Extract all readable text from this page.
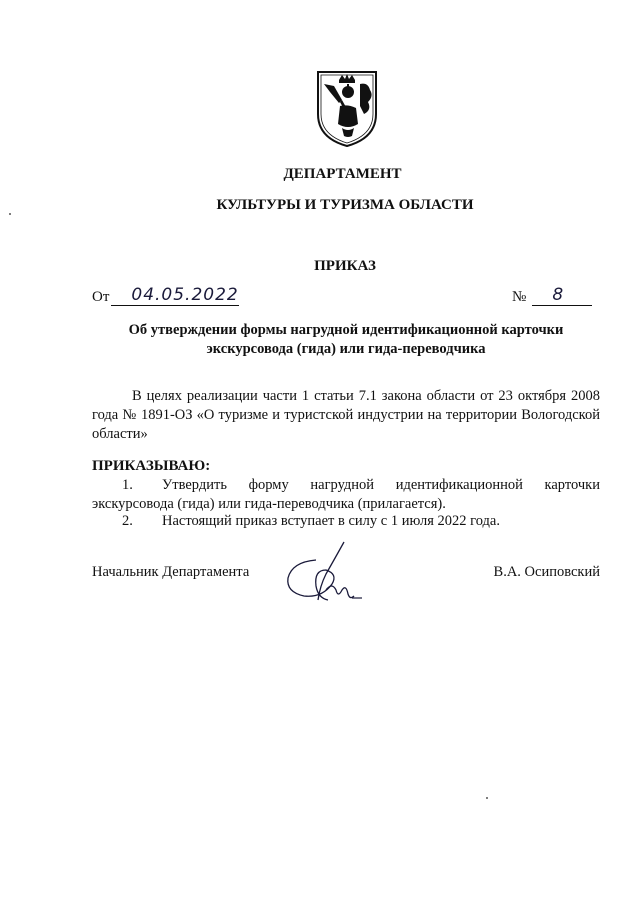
ДЕПАРТАМЕНТ
КУЛЬТУРЫ И ТУРИЗМА ОБЛАСТИ
ПРИКАЗ
От 04.05.2022	№ 8
Об утверждении формы нагрудной идентификационной карточки
экскурсовода (гида) или гида-переводчика
В целях реализации части 1 статьи 7.1 закона области от 23 октября 2008 года № 1891-ОЗ «О туризме и туристской индустрии на территории Вологодской области»
ПРИКАЗЫВАЮ:
1. Утвердить форму нагрудной идентификационной карточки экскурсовода (гида) или гида-переводчика (прилагается).
2. Настоящий приказ вступает в силу с 1 июля 2022 года.
Начальник Департамента	В.А. Осиповский
